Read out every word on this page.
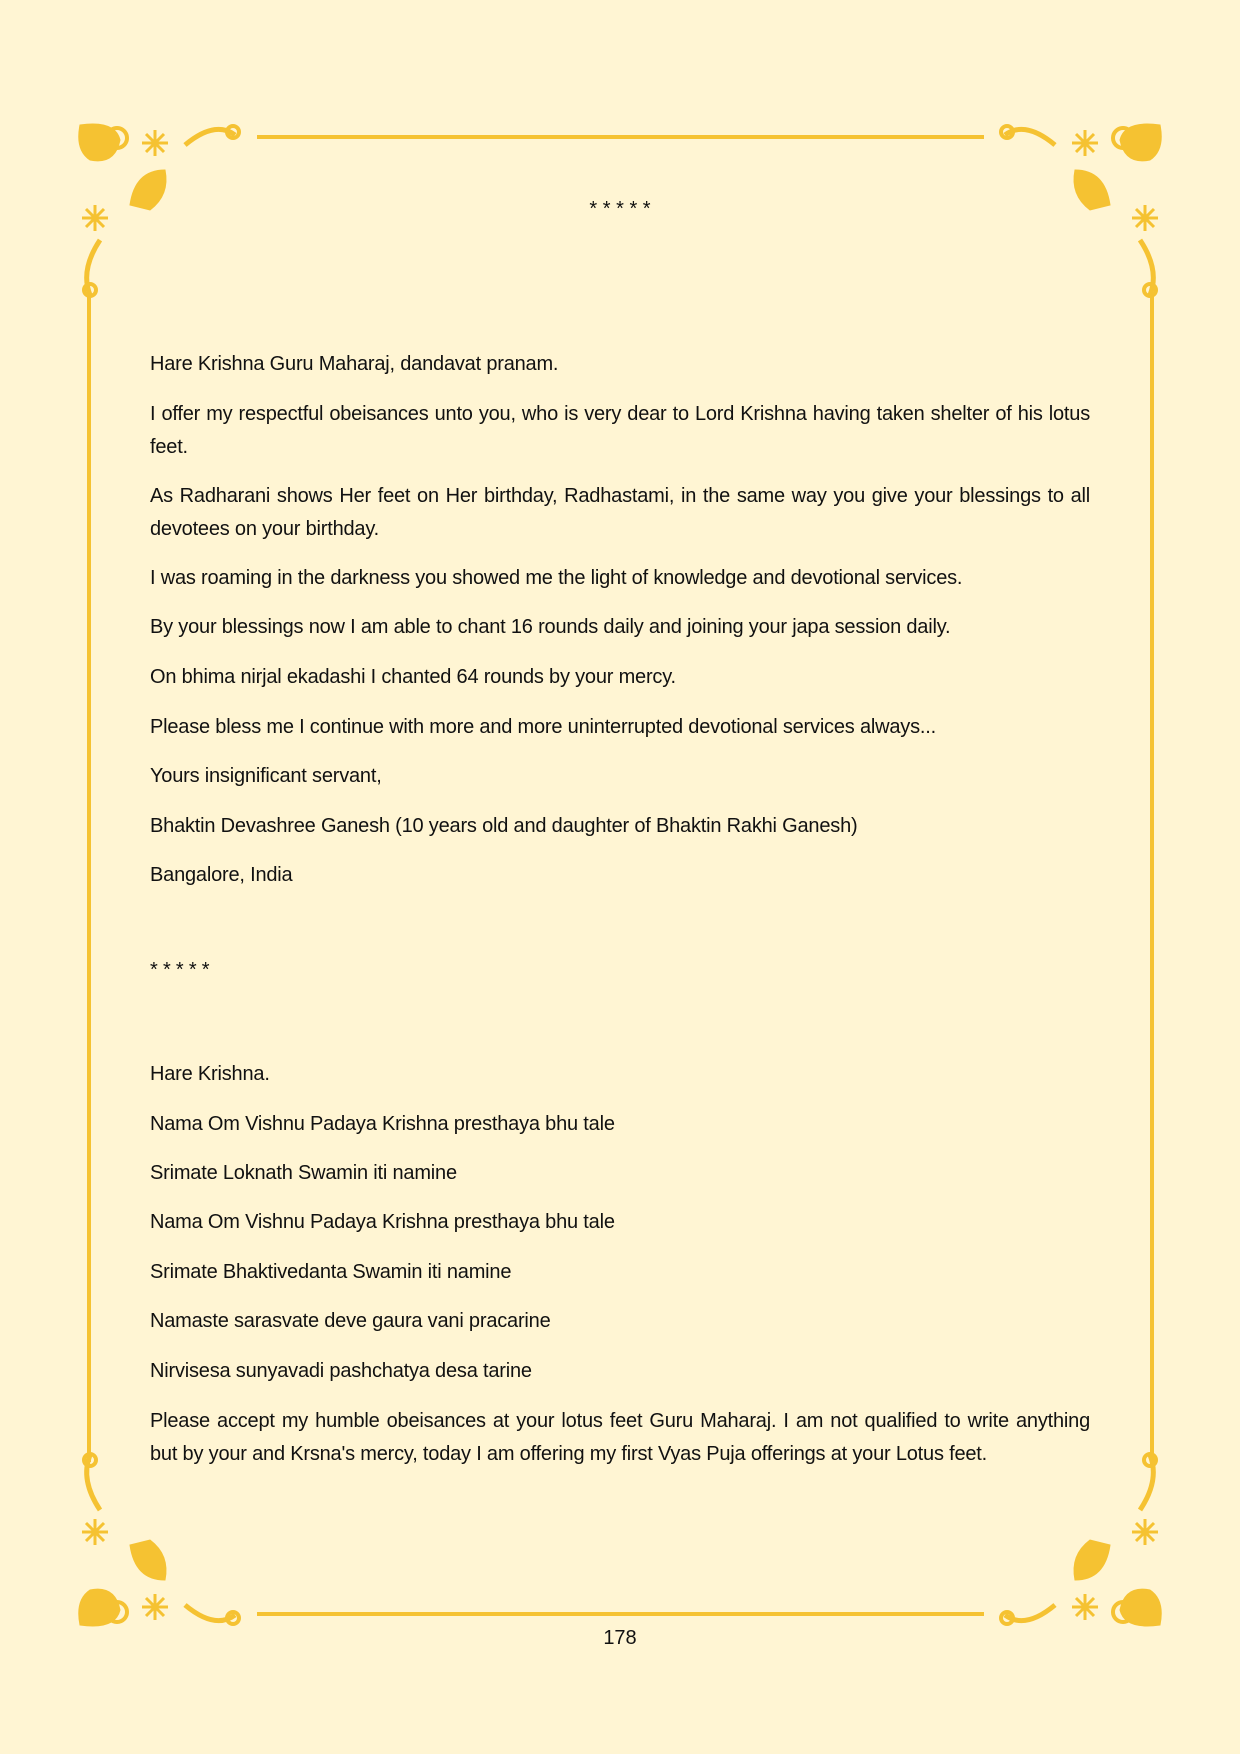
* * * * *

Hare Krishna Guru Maharaj, dandavat pranam.

I offer my respectful obeisances unto you, who is very dear to Lord Krishna having taken shelter of his lotus feet.

As Radharani shows Her feet on Her birthday, Radhastami, in the same way you give your blessings to all devotees on your birthday.

I was roaming in the darkness you showed me the light of knowledge and devotional services.

By your blessings now I am able to chant 16 rounds daily and joining your japa session daily.

On bhima nirjal ekadashi I chanted 64 rounds by your mercy.

Please bless me I continue with more and more uninterrupted devotional services always...

Yours insignificant servant,

Bhaktin Devashree Ganesh (10 years old and daughter of Bhaktin Rakhi Ganesh)

Bangalore, India

* * * * *

Hare Krishna.

Nama Om Vishnu Padaya Krishna presthaya bhu tale

Srimate Loknath Swamin iti namine

Nama Om Vishnu Padaya Krishna presthaya bhu tale

Srimate Bhaktivedanta Swamin iti namine

Namaste sarasvate deve gaura vani pracarine

Nirvisesa sunyavadi pashchatya desa tarine

Please accept my humble obeisances at your lotus feet Guru Maharaj. I am not qualified to write anything but by your and Krsna's mercy, today I am offering my first Vyas Puja offerings at your Lotus feet.

178
